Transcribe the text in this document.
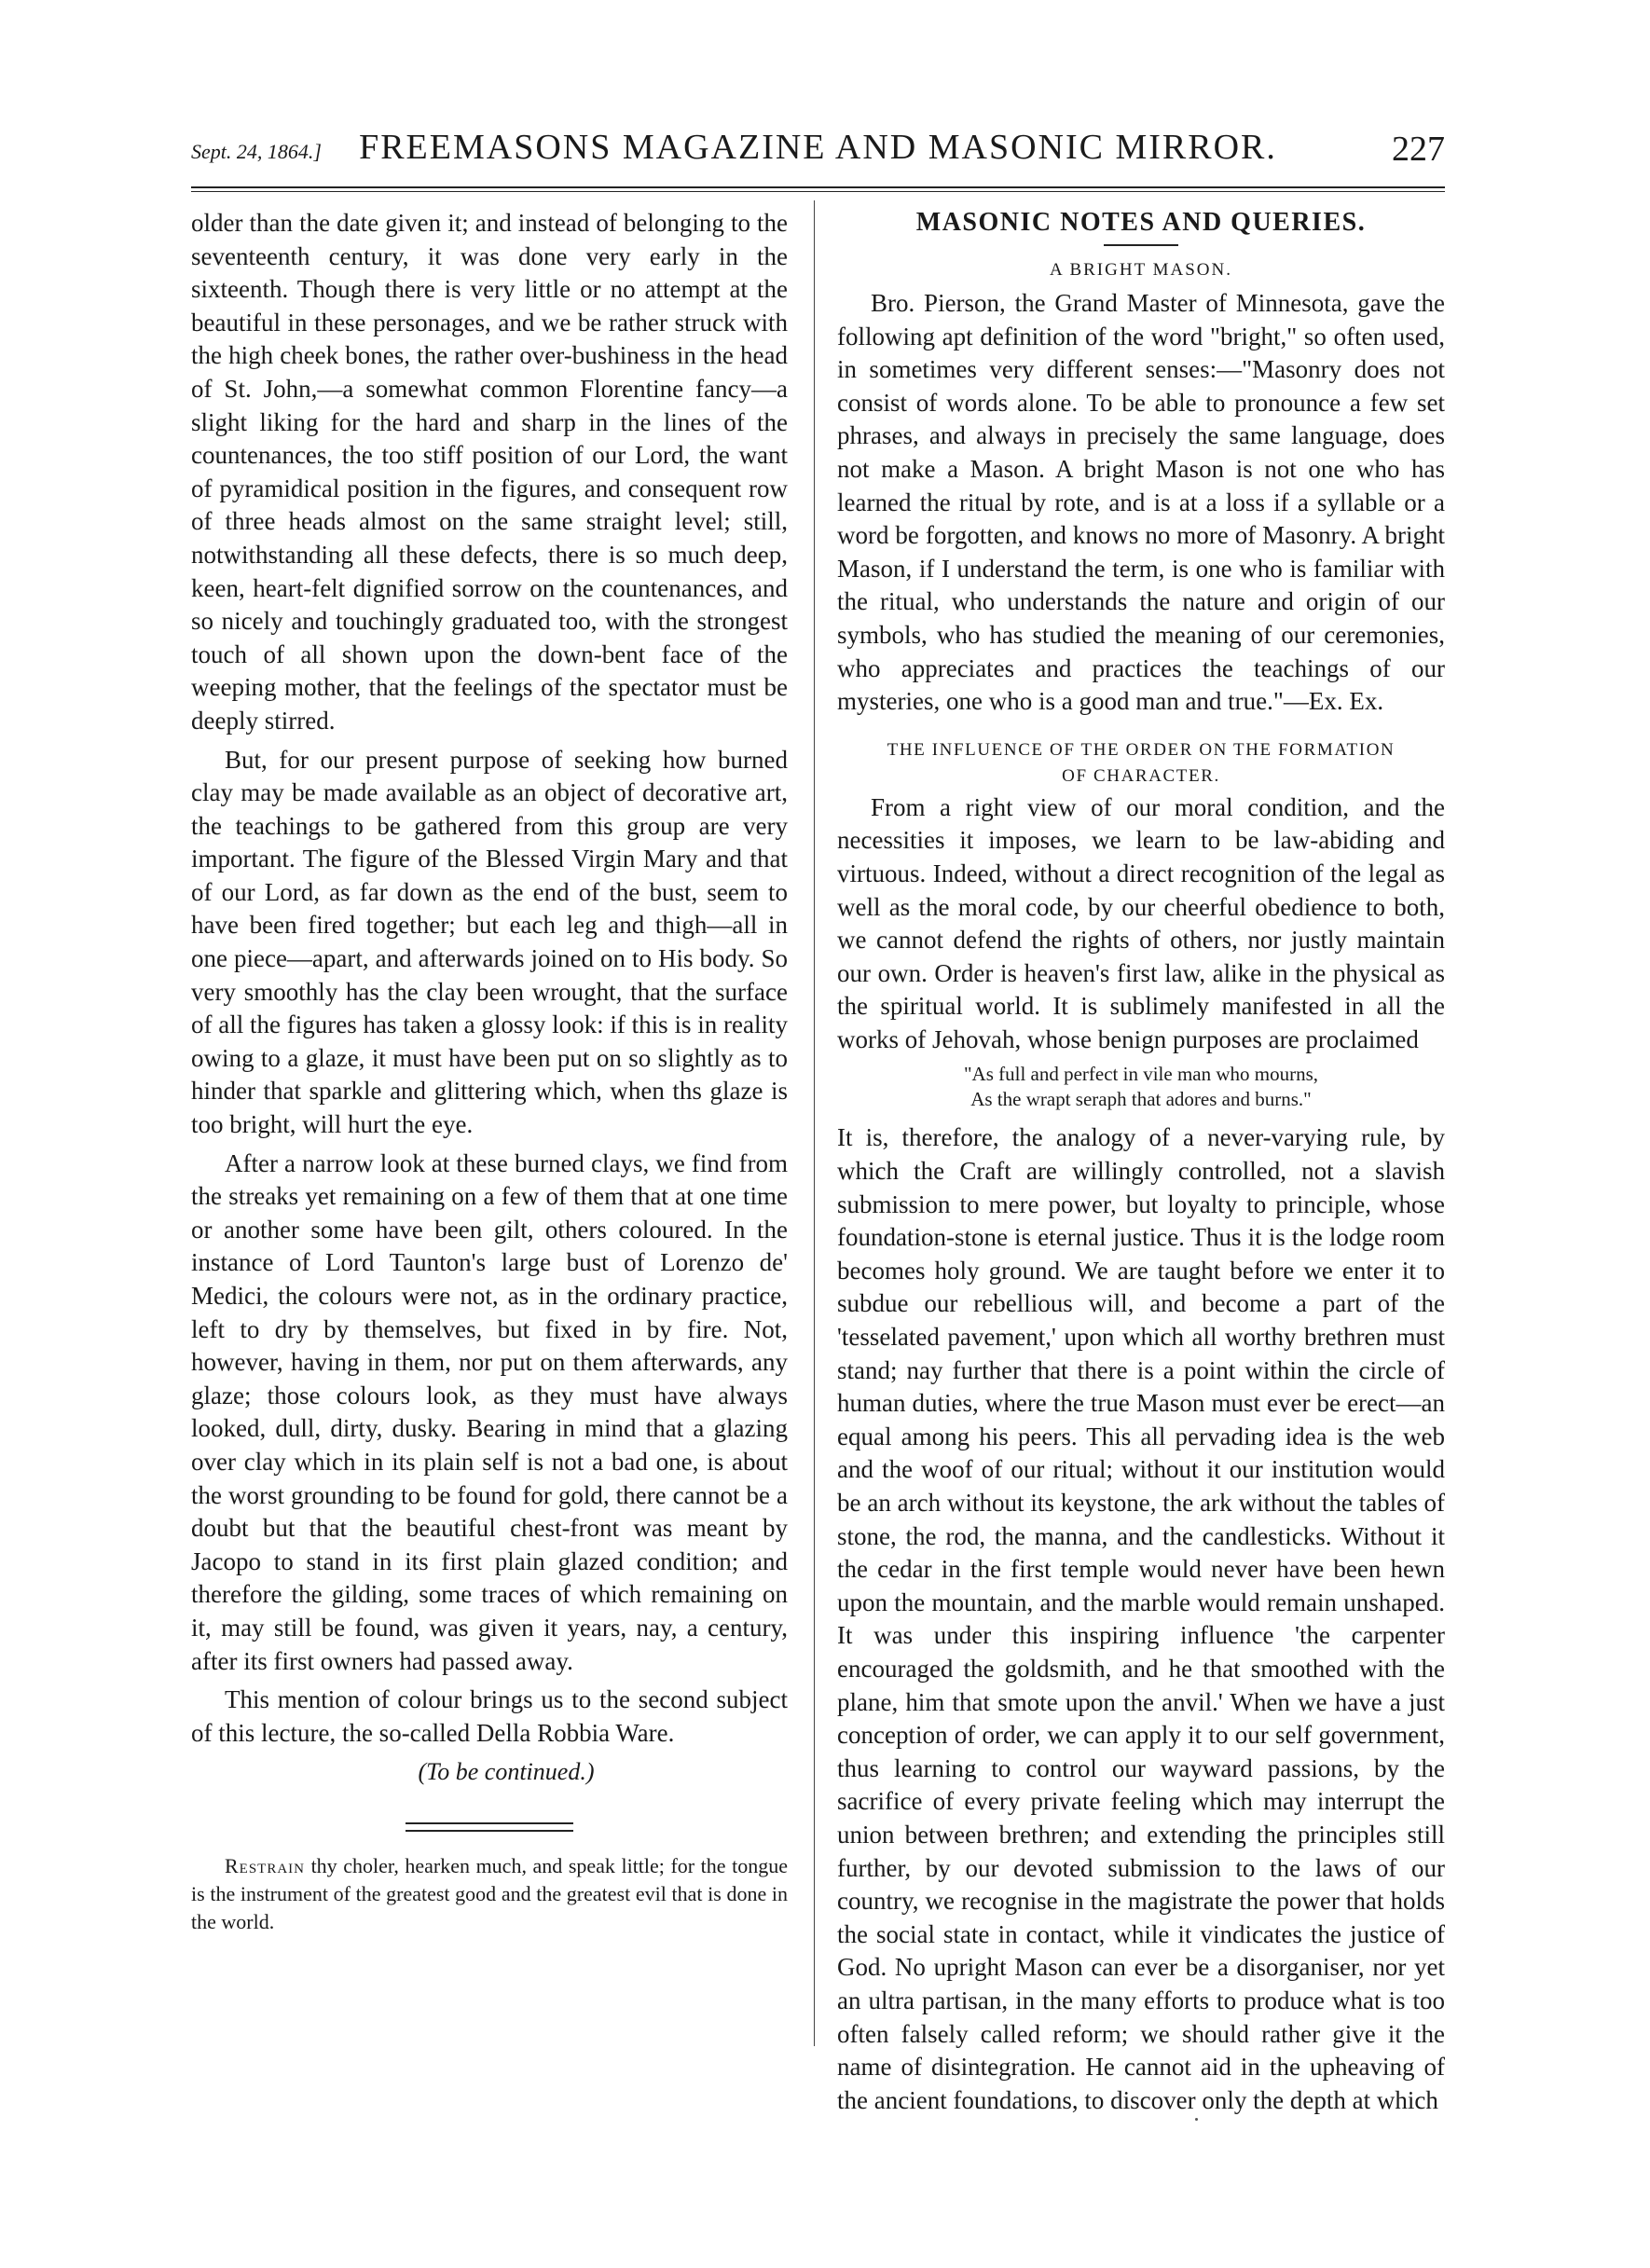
Sept. 24, 1864.]	FREEMASONS MAGAZINE AND MASONIC MIRROR.	227

older than the date given it; and instead of belonging to the seventeenth century, it was done very early in the sixteenth. Though there is very little or no attempt at the beautiful in these personages, and we be rather struck with the high cheek bones, the rather over-bushiness in the head of St. John,—a somewhat common Florentine fancy—a slight liking for the hard and sharp in the lines of the countenances, the too stiff position of our Lord, the want of pyramidical position in the figures, and consequent row of three heads almost on the same straight level; still, notwithstanding all these defects, there is so much deep, keen, heart-felt dignified sorrow on the countenances, and so nicely and touchingly graduated too, with the strongest touch of all shown upon the down-bent face of the weeping mother, that the feelings of the spectator must be deeply stirred.

But, for our present purpose of seeking how burned clay may be made available as an object of decorative art, the teachings to be gathered from this group are very important. The figure of the Blessed Virgin Mary and that of our Lord, as far down as the end of the bust, seem to have been fired together; but each leg and thigh—all in one piece—apart, and afterwards joined on to His body. So very smoothly has the clay been wrought, that the surface of all the figures has taken a glossy look: if this is in reality owing to a glaze, it must have been put on so slightly as to hinder that sparkle and glittering which, when ths glaze is too bright, will hurt the eye.

After a narrow look at these burned clays, we find from the streaks yet remaining on a few of them that at one time or another some have been gilt, others coloured. In the instance of Lord Taunton's large bust of Lorenzo de' Medici, the colours were not, as in the ordinary practice, left to dry by themselves, but fixed in by fire. Not, however, having in them, nor put on them afterwards, any glaze; those colours look, as they must have always looked, dull, dirty, dusky. Bearing in mind that a glazing over clay which in its plain self is not a bad one, is about the worst grounding to be found for gold, there cannot be a doubt but that the beautiful chest-front was meant by Jacopo to stand in its first plain glazed condition; and therefore the gilding, some traces of which remaining on it, may still be found, was given it years, nay, a century, after its first owners had passed away.

This mention of colour brings us to the second subject of this lecture, the so-called Della Robbia Ware.

(To be continued.)

Restrain thy choler, hearken much, and speak little; for the tongue is the instrument of the greatest good and the greatest evil that is done in the world.

MASONIC NOTES AND QUERIES.
A BRIGHT MASON.

Bro. Pierson, the Grand Master of Minnesota, gave the following apt definition of the word "bright," so often used, in sometimes very different senses:—"Masonry does not consist of words alone. To be able to pronounce a few set phrases, and always in precisely the same language, does not make a Mason. A bright Mason is not one who has learned the ritual by rote, and is at a loss if a syllable or a word be forgotten, and knows no more of Masonry. A bright Mason, if I understand the term, is one who is familiar with the ritual, who understands the nature and origin of our symbols, who has studied the meaning of our ceremonies, who appreciates and practices the teachings of our mysteries, one who is a good man and true."—Ex. Ex.

THE INFLUENCE OF THE ORDER ON THE FORMATION
OF CHARACTER.

From a right view of our moral condition, and the necessities it imposes, we learn to be law-abiding and virtuous. Indeed, without a direct recognition of the legal as well as the moral code, by our cheerful obedience to both, we cannot defend the rights of others, nor justly maintain our own. Order is heaven's first law, alike in the physical as the spiritual world. It is sublimely manifested in all the works of Jehovah, whose benign purposes are proclaimed

"As full and perfect in vile man who mourns,
As the wrapt seraph that adores and burns."

It is, therefore, the analogy of a never-varying rule, by which the Craft are willingly controlled, not a slavish submission to mere power, but loyalty to principle, whose foundation-stone is eternal justice. Thus it is the lodge room becomes holy ground. We are taught before we enter it to subdue our rebellious will, and become a part of the 'tesselated pavement,' upon which all worthy brethren must stand; nay further that there is a point within the circle of human duties, where the true Mason must ever be erect—an equal among his peers. This all pervading idea is the web and the woof of our ritual; without it our institution would be an arch without its keystone, the ark without the tables of stone, the rod, the manna, and the candlesticks. Without it the cedar in the first temple would never have been hewn upon the mountain, and the marble would remain unshaped. It was under this inspiring influence 'the carpenter encouraged the goldsmith, and he that smoothed with the plane, him that smote upon the anvil.' When we have a just conception of order, we can apply it to our self government, thus learning to control our wayward passions, by the sacrifice of every private feeling which may interrupt the union between brethren; and extending the principles still further, by our devoted submission to the laws of our country, we recognise in the magistrate the power that holds the social state in contact, while it vindicates the justice of God. No upright Mason can ever be a disorganiser, nor yet an ultra partisan, in the many efforts to produce what is too often falsely called reform; we should rather give it the name of disintegration. He cannot aid in the upheaving of the ancient foundations, to discover only the depth at which
